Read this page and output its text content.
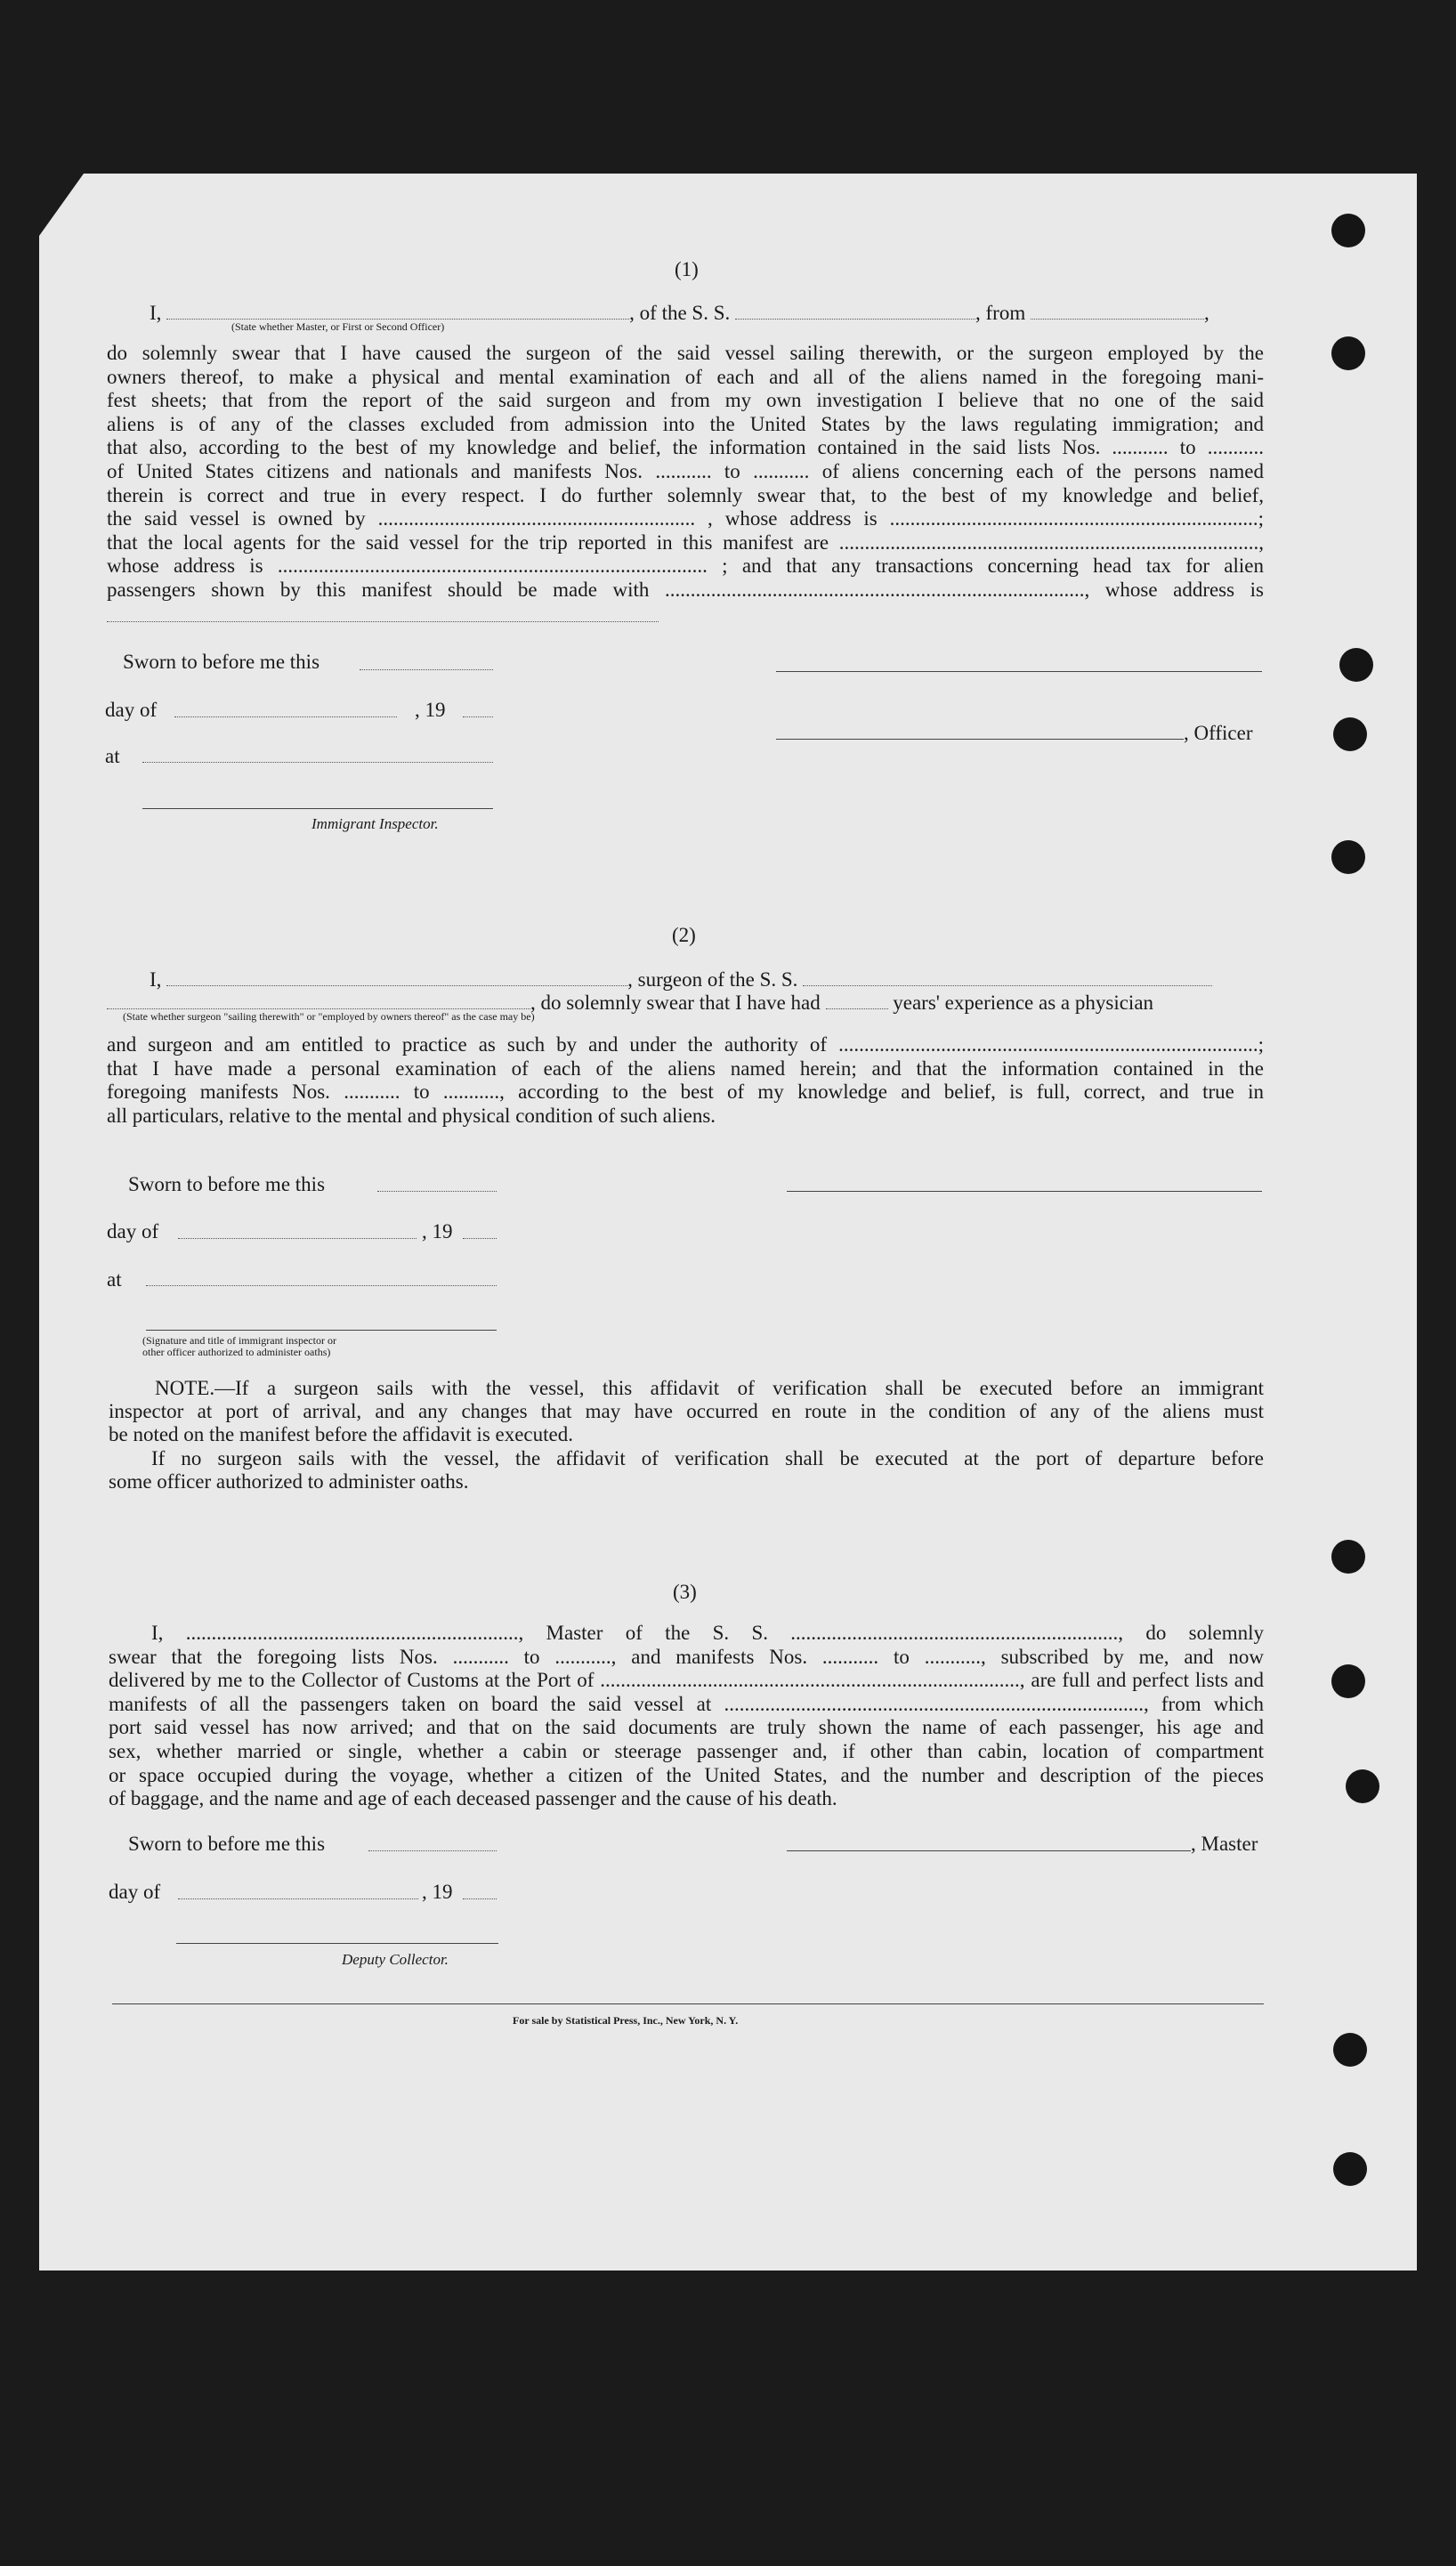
(1)
I,	, of the S. S.	, from	,
(State whether Master, or First or Second Officer)
do solemnly swear that I have caused the surgeon of the said vessel sailing therewith, or the surgeon employed by the
owners thereof, to make a physical and mental examination of each and all of the aliens named in the foregoing mani-
fest sheets; that from the report of the said surgeon and from my own investigation I believe that no one of the said
aliens is of any of the classes excluded from admission into the United States by the laws regulating immigration; and
that also, according to the best of my knowledge and belief, the information contained in the said lists Nos. ........... to ...........
of United States citizens and nationals and manifests Nos. ........... to ........... of aliens concerning each of the persons named
therein is correct and true in every respect. I do further solemnly swear that, to the best of my knowledge and belief,
the said vessel is owned by .............................................................. , whose address is ........................................................................;
that the local agents for the said vessel for the trip reported in this manifest are ..................................................................................,
whose address is .................................................................................... ; and that any transactions concerning head tax for alien
passengers shown by this manifest should be made with .................................................................................., whose address is
Sworn to before me this
day of	, 19
, Officer
at
Immigrant Inspector.
(2)
I,	, surgeon of the S. S.
, do solemnly swear that I have had	years' experience as a physician
(State whether surgeon "sailing therewith" or "employed by owners thereof" as the case may be)
and surgeon and am entitled to practice as such by and under the authority of ..................................................................................;
that I have made a personal examination of each of the aliens named herein; and that the information contained in the
foregoing manifests Nos. ........... to ..........., according to the best of my knowledge and belief, is full, correct, and true in
all particulars, relative to the mental and physical condition of such aliens.
Sworn to before me this
day of	, 19
at
(Signature and title of immigrant inspector or
other officer authorized to administer oaths)
NOTE.—If a surgeon sails with the vessel, this affidavit of verification shall be executed before an immigrant
inspector at port of arrival, and any changes that may have occurred en route in the condition of any of the aliens must
be noted on the manifest before the affidavit is executed.
If no surgeon sails with the vessel, the affidavit of verification shall be executed at the port of departure before
some officer authorized to administer oaths.
(3)
I, ................................................................., Master of the S. S. ................................................................, do solemnly
swear that the foregoing lists Nos. ........... to ..........., and manifests Nos. ........... to ..........., subscribed by me, and now
delivered by me to the Collector of Customs at the Port of .................................................................................., are full and perfect lists and
manifests of all the passengers taken on board the said vessel at .................................................................................., from which
port said vessel has now arrived; and that on the said documents are truly shown the name of each passenger, his age and
sex, whether married or single, whether a cabin or steerage passenger and, if other than cabin, location of compartment
or space occupied during the voyage, whether a citizen of the United States, and the number and description of the pieces
of baggage, and the name and age of each deceased passenger and the cause of his death.
Sworn to before me this	, Master
day of	, 19
Deputy Collector.
For sale by Statistical Press, Inc., New York, N. Y.
